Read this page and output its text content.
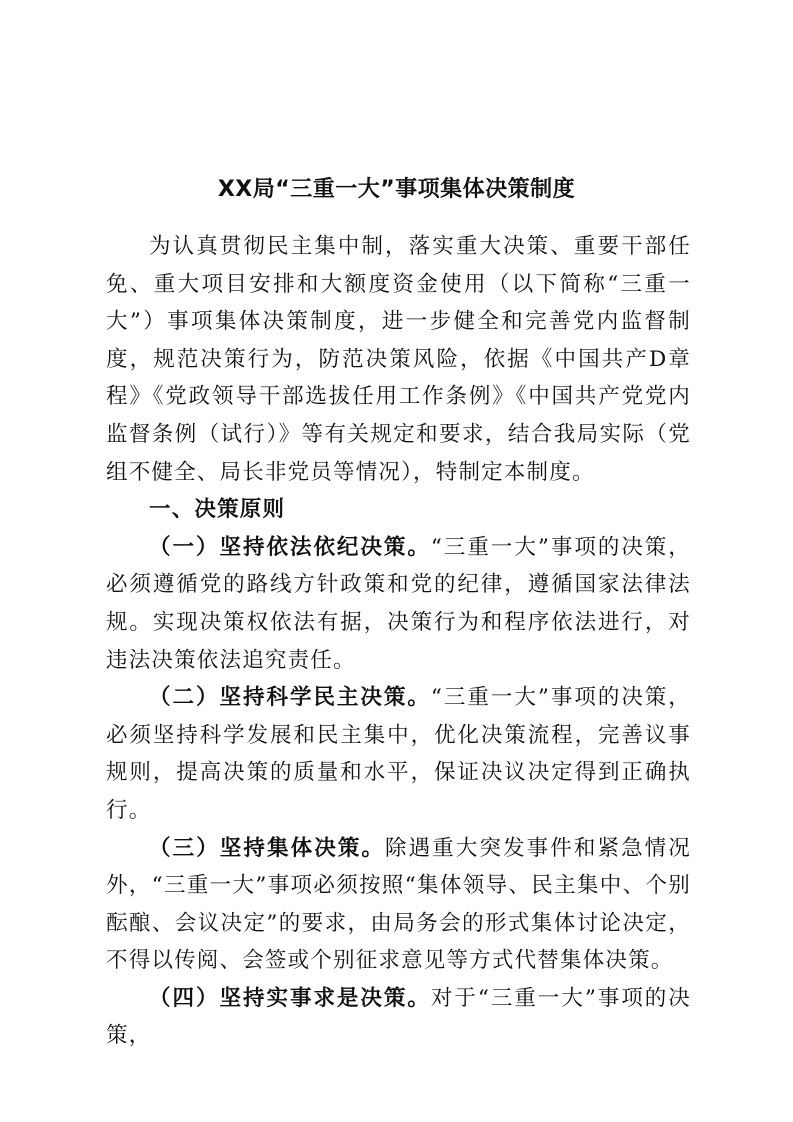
XX局“三重一大”事项集体决策制度

为认真贯彻民主集中制，落实重大决策、重要干部任免、重大项目安排和大额度资金使用（以下简称“三重一大”）事项集体决策制度，进一步健全和完善党内监督制度，规范决策行为，防范决策风险，依据《中国共产D章程》《党政领导干部选拔任用工作条例》《中国共产党党内监督条例（试行）》等有关规定和要求，结合我局实际（党组不健全、局长非党员等情况），特制定本制度。

一、决策原则

（一）坚持依法依纪决策。“三重一大”事项的决策，必须遵循党的路线方针政策和党的纪律，遵循国家法律法规。实现决策权依法有据，决策行为和程序依法进行，对违法决策依法追究责任。

（二）坚持科学民主决策。“三重一大”事项的决策，必须坚持科学发展和民主集中，优化决策流程，完善议事规则，提高决策的质量和水平，保证决议决定得到正确执行。

（三）坚持集体决策。除遇重大突发事件和紧急情况外，“三重一大”事项必须按照“集体领导、民主集中、个别酝酿、会议决定”的要求，由局务会的形式集体讨论决定，不得以传阅、会签或个别征求意见等方式代替集体决策。

（四）坚持实事求是决策。对于“三重一大”事项的决策，
